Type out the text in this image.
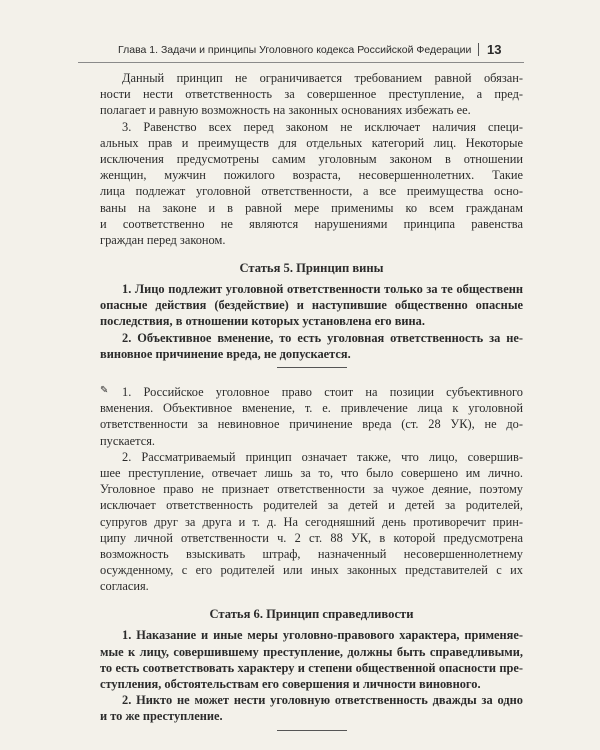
Глава 1. Задачи и принципы Уголовного кодекса Российской Федерации 13
Данный принцип не ограничивается требованием равной обязан-
ности нести ответственность за совершенное преступление, а пред-
полагает и равную возможность на законных основаниях избежать ее.
3. Равенство всех перед законом не исключает наличия специ-
альных прав и преимуществ для отдельных категорий лиц. Некоторые
исключения предусмотрены самим уголовным законом в отношении
женщин, мужчин пожилого возраста, несовершеннолетних. Такие
лица подлежат уголовной ответственности, а все преимущества осно-
ваны на законе и в равной мере применимы ко всем гражданам
и соответственно не являются нарушениями принципа равенства
граждан перед законом.
Статья 5. Принцип вины
1. Лицо подлежит уголовной ответственности только за те общественн
опасные действия (бездействие) и наступившие общественно опасные
последствия, в отношении которых установлена его вина.
2. Объективное вменение, то есть уголовная ответственность за не-
виновное причинение вреда, не допускается.
✎	1. Российское уголовное право стоит на позиции субъективного
вменения. Объективное вменение, т. е. привлечение лица к уголовной
ответственности за невиновное причинение вреда (ст. 28 УК), не до-
пускается.
2. Рассматриваемый принцип означает также, что лицо, совершив-
шее преступление, отвечает лишь за то, что было совершено им лично.
Уголовное право не признает ответственности за чужое деяние, поэтому
исключает ответственность родителей за детей и детей за родителей,
супругов друг за друга и т. д. На сегодняшний день противоречит прин-
ципу личной ответственности ч. 2 ст. 88 УК, в которой предусмотрена
возможность взыскивать штраф, назначенный несовершеннолетнему
осужденному, с его родителей или иных законных представителей с их
согласия.
Статья 6. Принцип справедливости
1. Наказание и иные меры уголовно-правового характера, применяе-
мые к лицу, совершившему преступление, должны быть справедливыми,
то есть соответствовать характеру и степени общественной опасности пре-
ступления, обстоятельствам его совершения и личности виновного.
2. Никто не может нести уголовную ответственность дважды за одно
и то же преступление.
